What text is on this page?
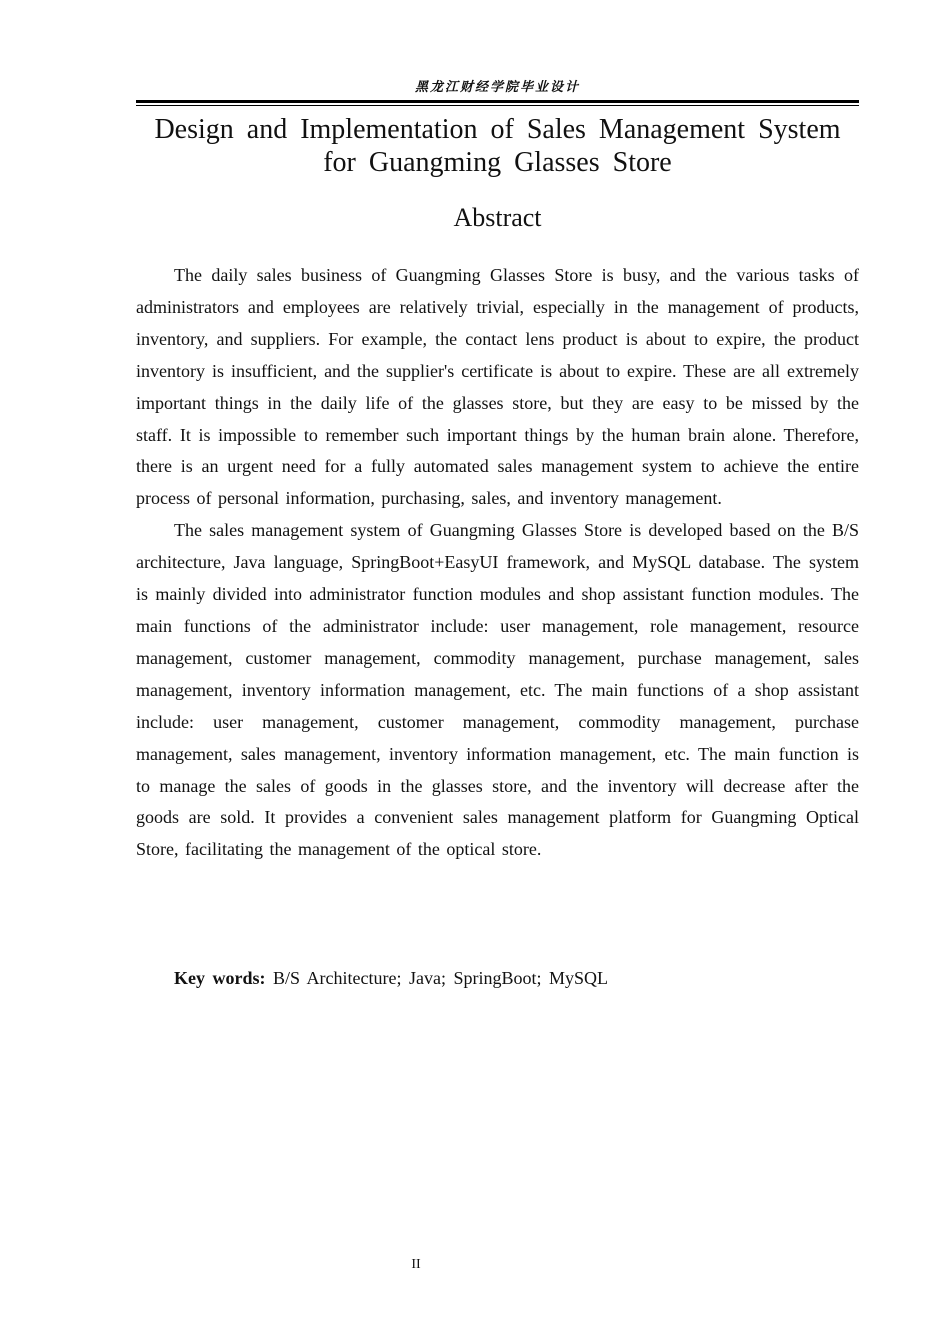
黑龙江财经学院毕业设计
Design and Implementation of Sales Management System
for Guangming Glasses Store
Abstract

The daily sales business of Guangming Glasses Store is busy, and the various tasks of administrators and employees are relatively trivial, especially in the management of products, inventory, and suppliers. For example, the contact lens product is about to expire, the product inventory is insufficient, and the supplier's certificate is about to expire. These are all extremely important things in the daily life of the glasses store, but they are easy to be missed by the staff. It is impossible to remember such important things by the human brain alone. Therefore, there is an urgent need for a fully automated sales management system to achieve the entire process of personal information, purchasing, sales, and inventory management.

The sales management system of Guangming Glasses Store is developed based on the B/S architecture, Java language, SpringBoot+EasyUI framework, and MySQL database. The system is mainly divided into administrator function modules and shop assistant function modules. The main functions of the administrator include: user management, role management, resource management, customer management, commodity management, purchase management, sales management, inventory information management, etc. The main functions of a shop assistant include: user management, customer management, commodity management, purchase management, sales management, inventory information management, etc. The main function is to manage the sales of goods in the glasses store, and the inventory will decrease after the goods are sold. It provides a convenient sales management platform for Guangming Optical Store, facilitating the management of the optical store.

Key words: B/S Architecture; Java; SpringBoot; MySQL
II
